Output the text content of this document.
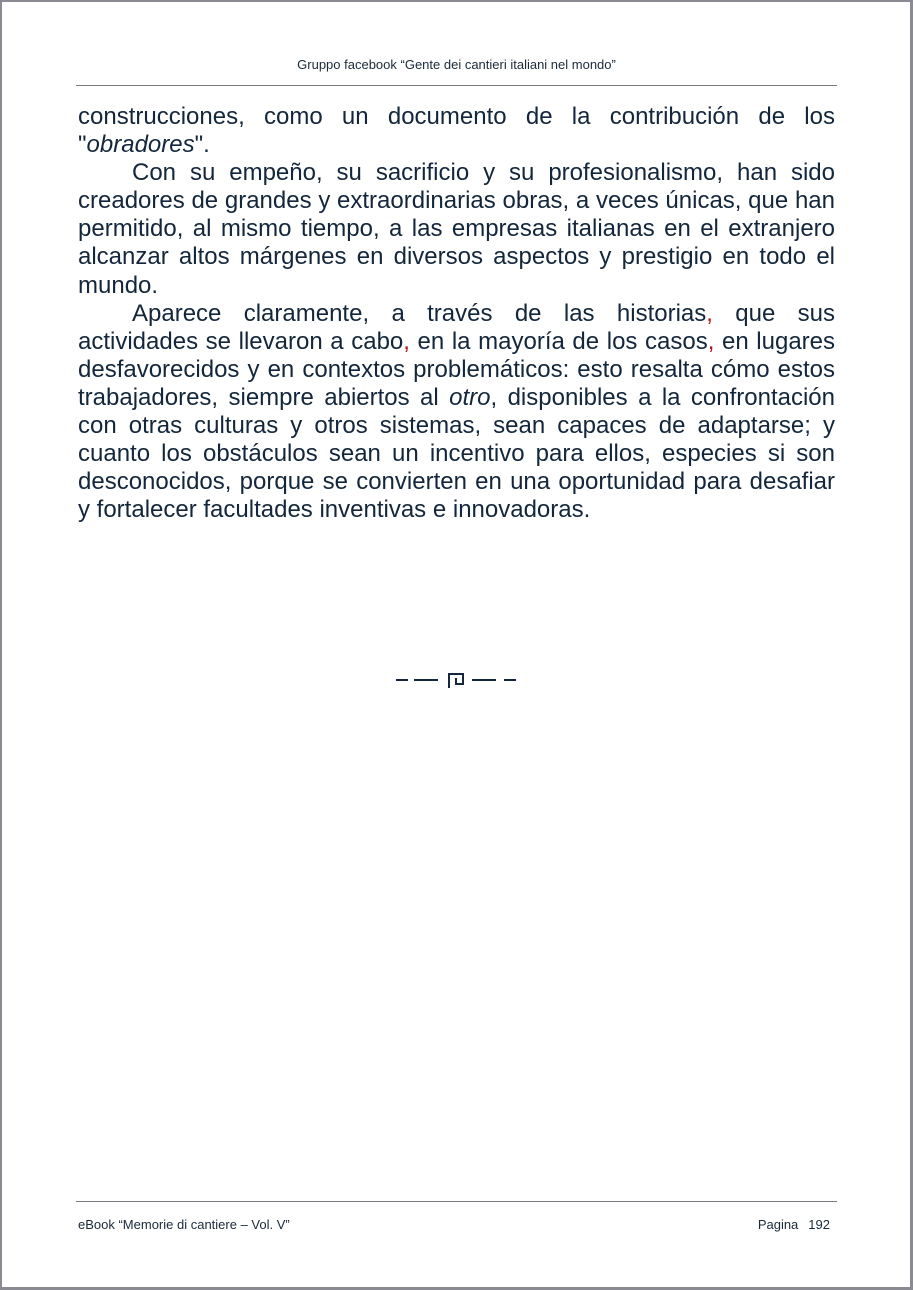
Gruppo facebook “Gente dei cantieri italiani nel mondo”

construcciones, como un documento de la contribución de los "obradores".

Con su empeño, su sacrificio y su profesionalismo, han sido creadores de grandes y extraordinarias obras, a veces únicas, que han permitido, al mismo tiempo, a las empresas italianas en el extranjero alcanzar altos márgenes en diversos aspectos y prestigio en todo el mundo.

Aparece claramente, a través de las historias, que sus actividades se llevaron a cabo, en la mayoría de los casos, en lugares desfavorecidos y en contextos problemáticos: esto resalta cómo estos trabajadores, siempre abiertos al otro, disponibles a la confrontación con otras culturas y otros sistemas, sean capaces de adaptarse; y cuanto los obstáculos sean un incentivo para ellos, especies si son desconocidos, porque se convierten en una oportunidad para desafiar y fortalecer facultades inventivas e innovadoras.

eBook “Memorie di cantiere – Vol. V”	Pagina 192
